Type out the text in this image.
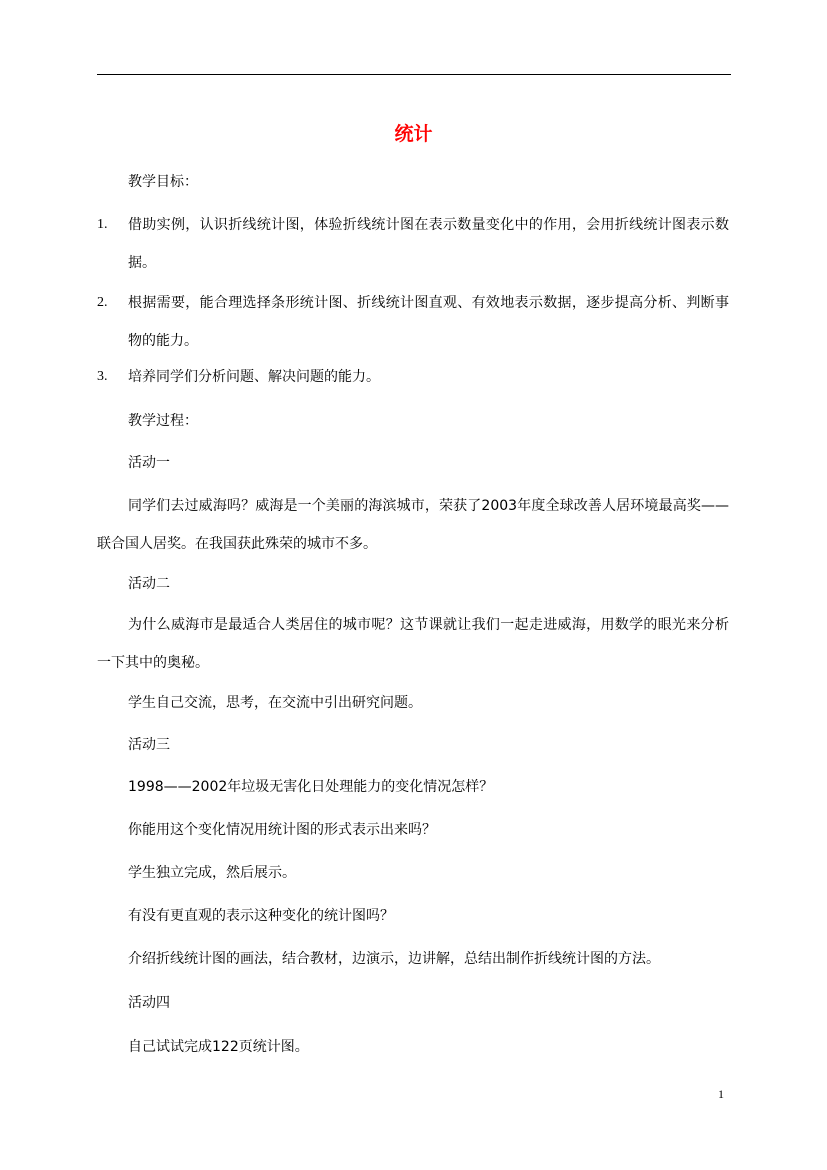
统计
教学目标：
1. 借助实例，认识折线统计图，体验折线统计图在表示数量变化中的作用，会用折线统计图表示数据。
2. 根据需要，能合理选择条形统计图、折线统计图直观、有效地表示数据，逐步提高分析、判断事物的能力。
3. 培养同学们分析问题、解决问题的能力。
教学过程：
活动一
同学们去过威海吗？威海是一个美丽的海滨城市，荣获了2003年度全球改善人居环境最高奖——联合国人居奖。在我国获此殊荣的城市不多。
活动二
为什么威海市是最适合人类居住的城市呢？这节课就让我们一起走进威海，用数学的眼光来分析一下其中的奥秘。
学生自己交流，思考，在交流中引出研究问题。
活动三
1998——2002年垃圾无害化日处理能力的变化情况怎样？
你能用这个变化情况用统计图的形式表示出来吗？
学生独立完成，然后展示。
有没有更直观的表示这种变化的统计图吗？
介绍折线统计图的画法，结合教材，边演示，边讲解，总结出制作折线统计图的方法。
活动四
自己试试完成122页统计图。
1
